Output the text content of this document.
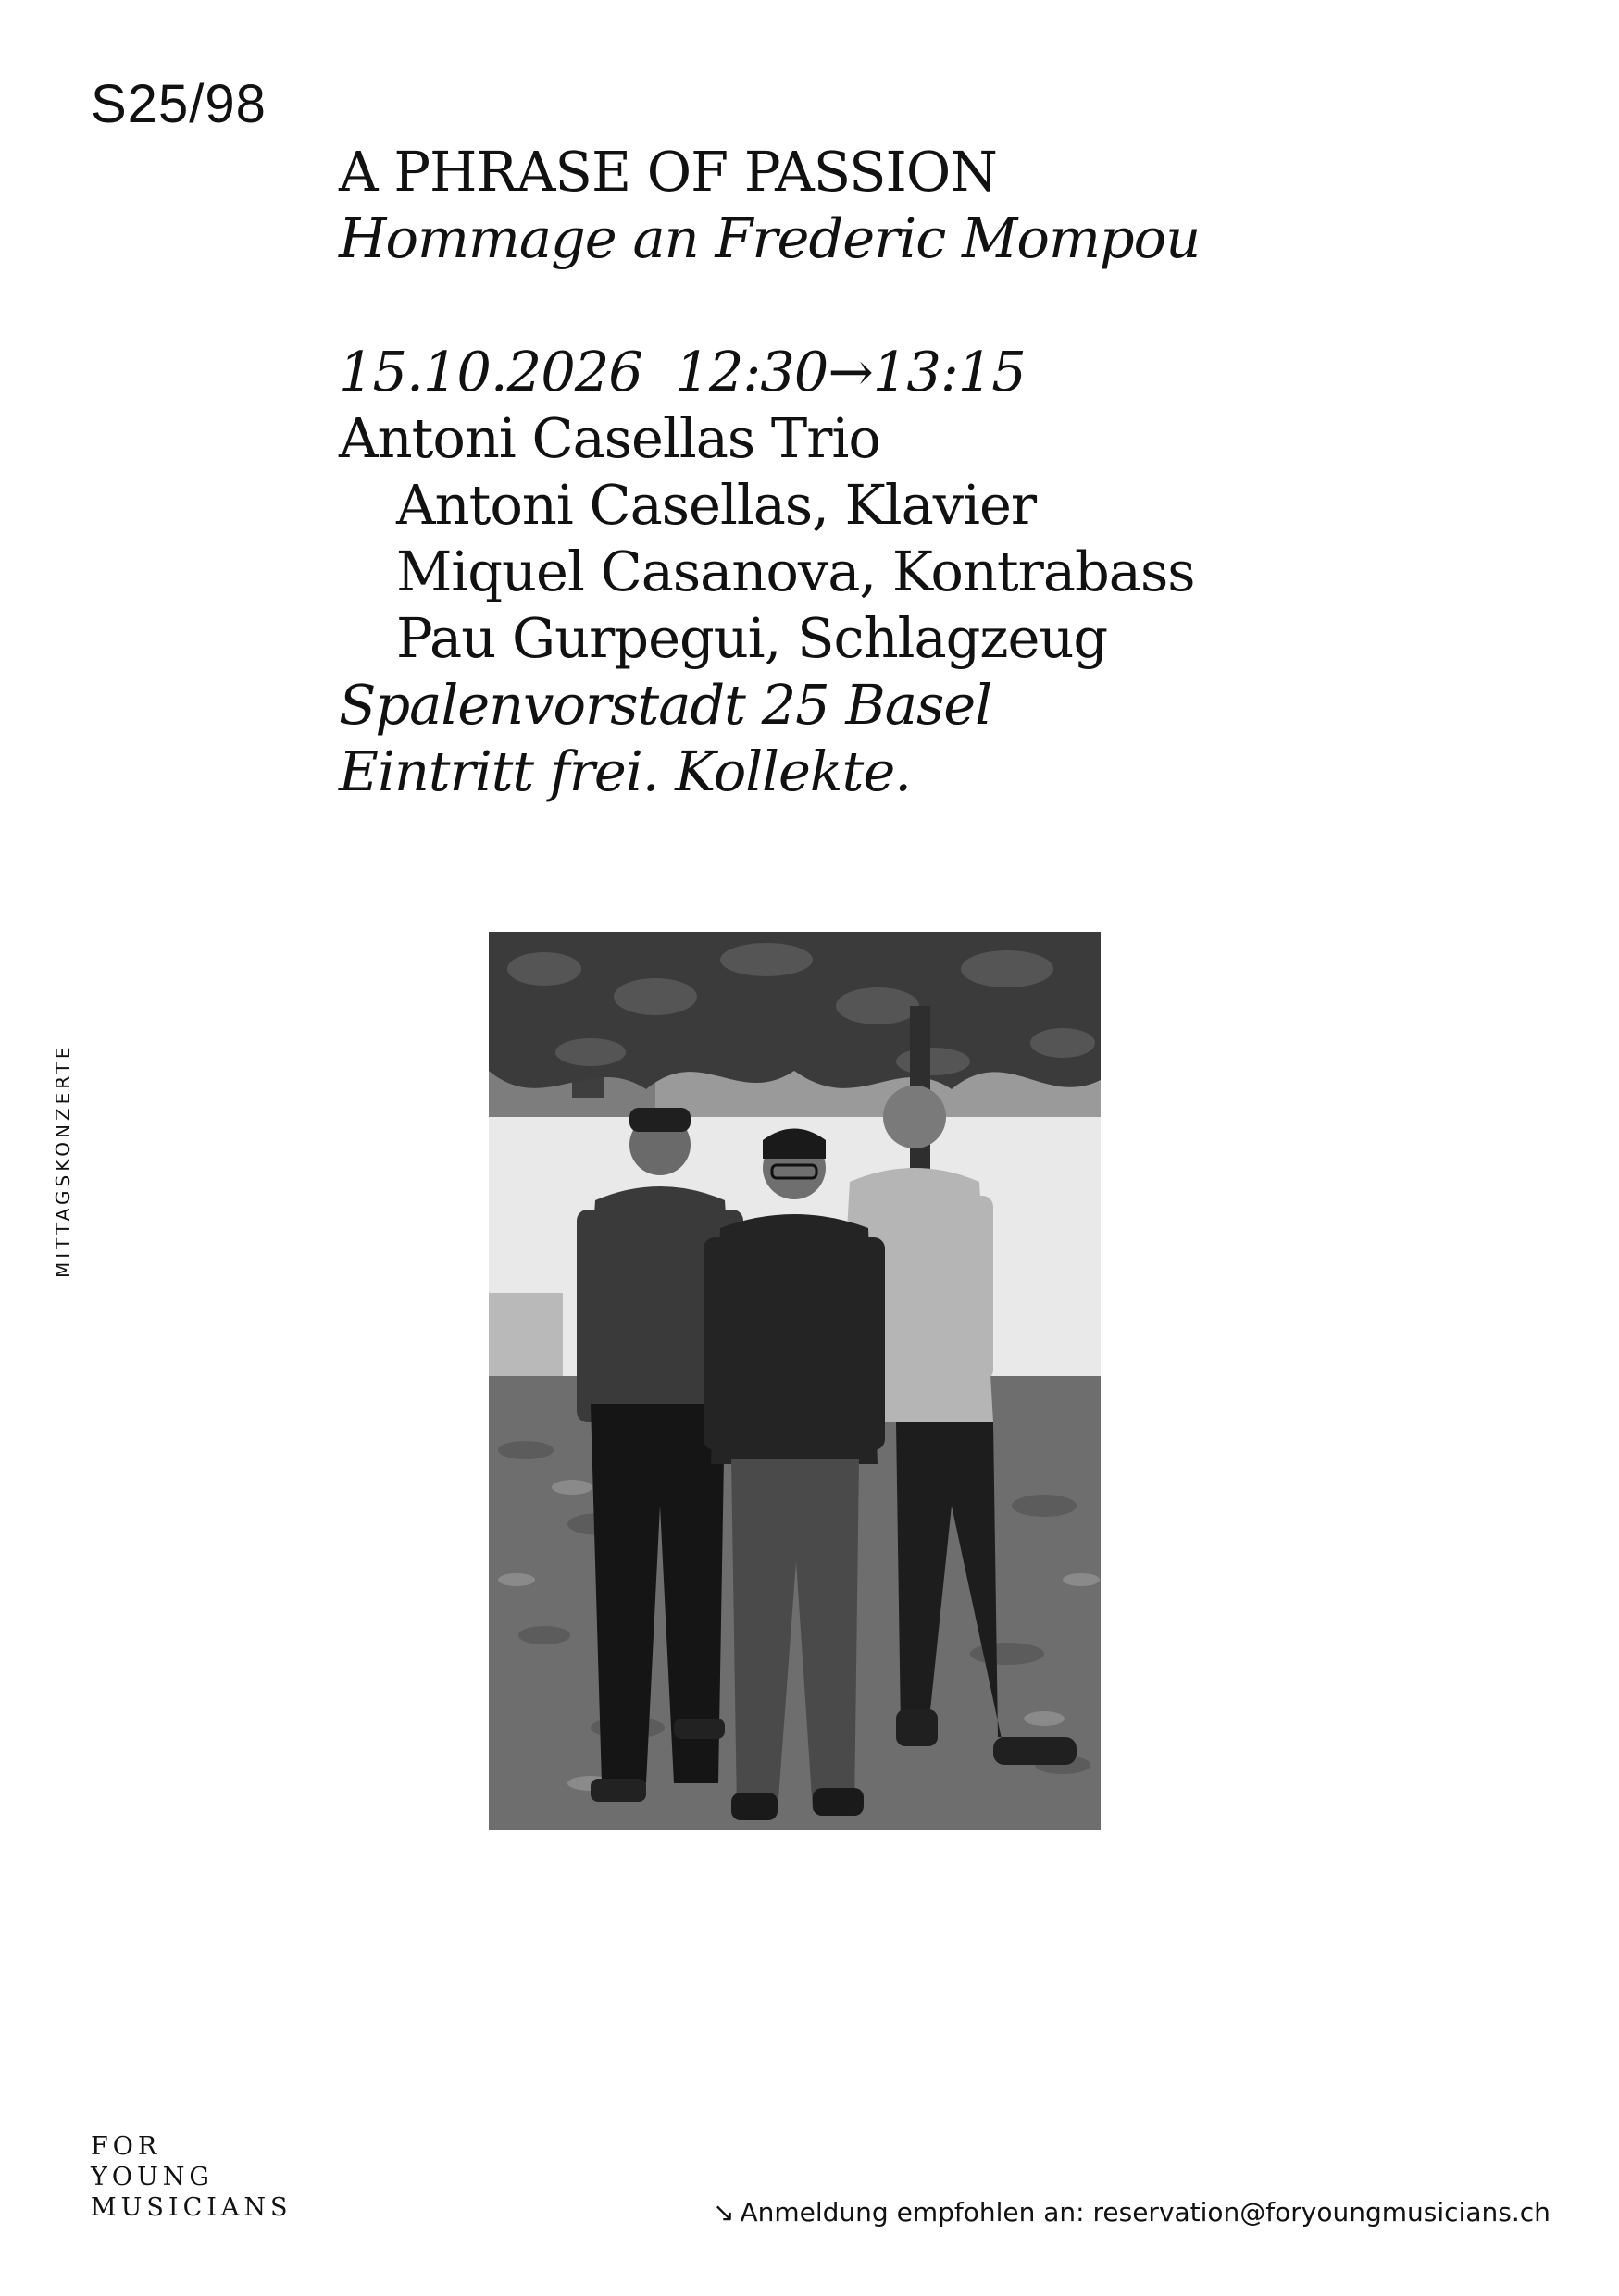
S25/98
A PHRASE OF PASSION
Hommage an Frederic Mompou
15.10.2026  12:30→13:15
Antoni Casellas Trio
Antoni Casellas, Klavier
Miquel Casanova, Kontrabass
Pau Gurpegui, Schlagzeug
Spalenvorstadt 25 Basel
Eintritt frei. Kollekte.
MITTAGSKONZERTE
FOR
YOUNG
MUSICIANS	↘ Anmeldung empfohlen an: reservation@foryoungmusicians.ch
